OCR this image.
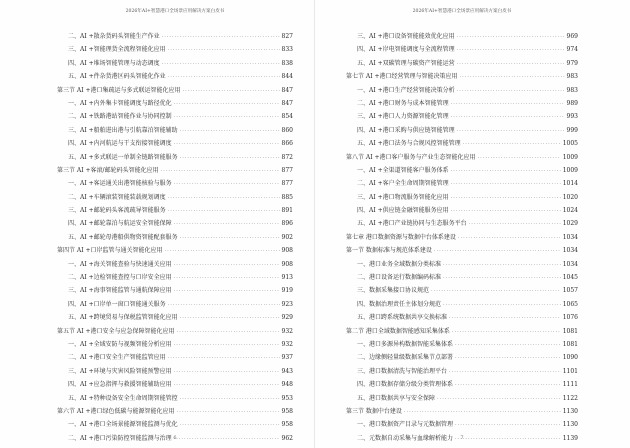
2026年AI+智慧港口全场景应用解决方案白皮书
二、AI +散杂货码头智能生产作业 .....	827
三、AI +智能理货全流程智能化应用 .....	833
四、AI +堆场智能管理与动态调度 .....	838
五、AI +件杂货港区码头智能化作业 .....	844
第三节 AI +港口集疏运与多式联运智能化应用 .....	847
一、AI +内外集卡智能调度与路径优化 .....	847
二、AI +铁路港站智能作业与协同控制 .....	854
三、AI +船舶进出港与引航靠泊智能辅助 .....	860
四、AI +内河航运与干支衔接智能调度 .....	866
五、AI +多式联运一单制全链路智能服务 .....	872
第三节 AI +客滚/邮轮码头智能化应用 .....	877
一、AI +客运通关出港智能核验与服务 .....	877
二、AI +车辆滚装智能装载规划调度 .....	885
三、AI +邮轮码头客流疏导智能服务 .....	891
四、AI +邮轮靠泊与航运安全智能保障 .....	896
五、AI +邮轮母港船供物资智能配套服务 .....	902
第四节 AI +口岸监管与通关智能化应用 .....	908
一、AI +海关智能查验与快速通关应用 .....	908
二、AI +边检智能查控与口岸安全应用 .....	913
三、AI +海事智能监管与通航保障应用 .....	919
四、AI +口岸单一窗口智能通关服务 .....	923
五、AI +跨境贸易与保税监管智能化应用 .....	929
第五节 AI +港口安全与应急保障智能化应用 .....	932
一、AI +全域安防与视频智能分析应用 .....	932
二、AI +港口安全生产智能监管应用 .....	937
三、AI +环境与灾害风险智能预警应用 .....	943
四、AI +应急指挥与救援智能辅助应用 .....	948
五、AI +特种设备安全生命周期智能管控 .....	953
第六节 AI +港口绿色低碳与能源智能化应用 .....	958
一、AI +港口全场景能源智能监测与优化 .....	958
二、AI +港口污染防控智能监测与治理 .....	962
6
2026年AI+智慧港口全场景应用解决方案白皮书
三、AI +港口设备智能能效优化应用 .....	969
四、AI +岸电智能调度与全流程管理 .....	974
五、AI +双碳管理与碳资产智能运营 .....	979
第七节 AI +港口经营管理与智能决策应用 .....	983
一、AI +港口生产经营智能决策分析 .....	983
二、AI +港口财务与成本智能管理 .....	989
三、AI +港口人力资源智能化管理 .....	993
四、AI +港口采购与供应链智能管理 .....	999
五、AI +港口法务与合规风控智能管理 .....	1005
第八节 AI +港口客户服务与产业生态智能化应用 .....	1009
一、AI +全渠道智能客户服务体系 .....	1009
二、AI +客户全生命周期智能管理 .....	1014
三、AI +港口物流服务智能化应用 .....	1020
四、AI +供应链金融智能服务应用 .....	1024
五、AI +港口产业链协同与生态服务平台 .....	1029
第七章 港口数据资源与数据中台体系建设 .....	1034
第一节 数据标准与规范体系建设 .....	1034
一、港口业务全域数据分类标准 .....	1034
二、港口设备运行数据编码标准 .....	1045
三、数据采集接口协议规范 .....	1057
四、数据治理责任主体划分规范 .....	1065
五、港口跨系统数据共享交换标准 .....	1076
第二节 港口全域数据智能感知采集体系 .....	1081
一、港口多源异构数据智能采集体系 .....	1081
二、边缘侧轻量级数据采集节点部署 .....	1090
三、港口数据清洗与智能治理平台 .....	1101
四、港口数据存储分级分类管理体系 .....	1111
五、港口数据共享与安全保障 .....	1122
第三节 数据中台建设 .....	1130
一、港口数据资产目录与元数据管理 .....	1130
二、元数据自动采集与血缘解析能力 .....	1139
7
